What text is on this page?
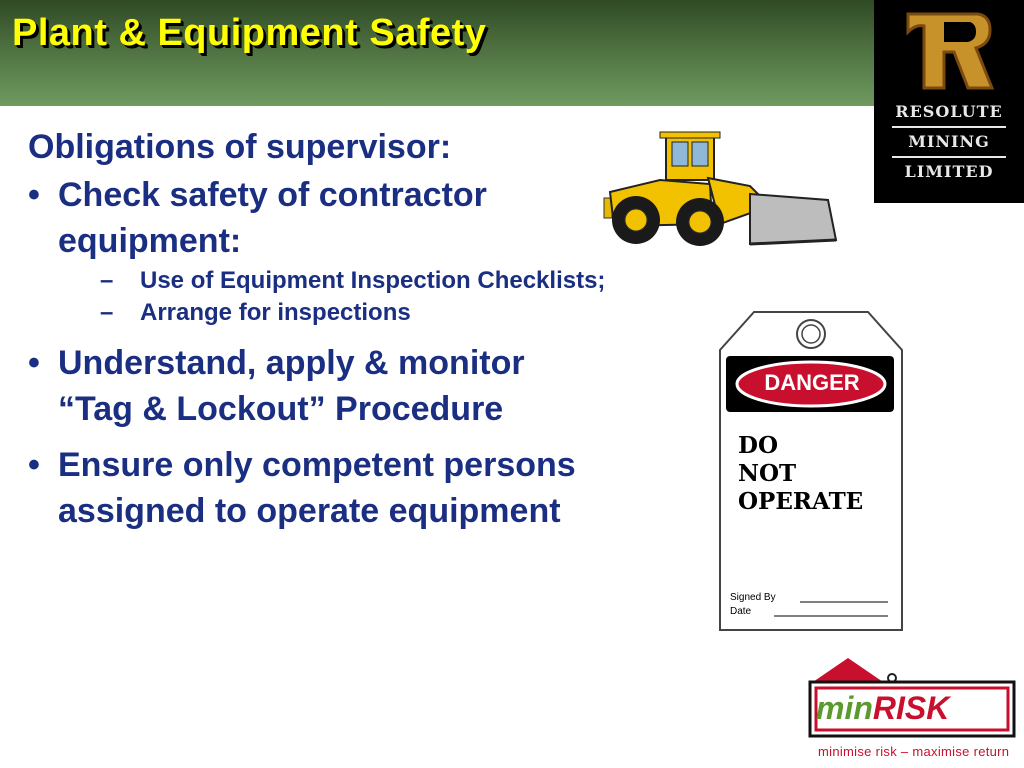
Plant & Equipment Safety
RESOLUTE
MINING
LIMITED
Obligations of supervisor:
• Check safety of contractor equipment:
– Use of Equipment Inspection Checklists;
– Arrange for inspections
• Understand, apply & monitor
“Tag & Lockout” Procedure
• Ensure only competent persons assigned to operate equipment
DANGER
DO
NOT
OPERATE
Signed By
Date
minRISK
minimise risk – maximise return
